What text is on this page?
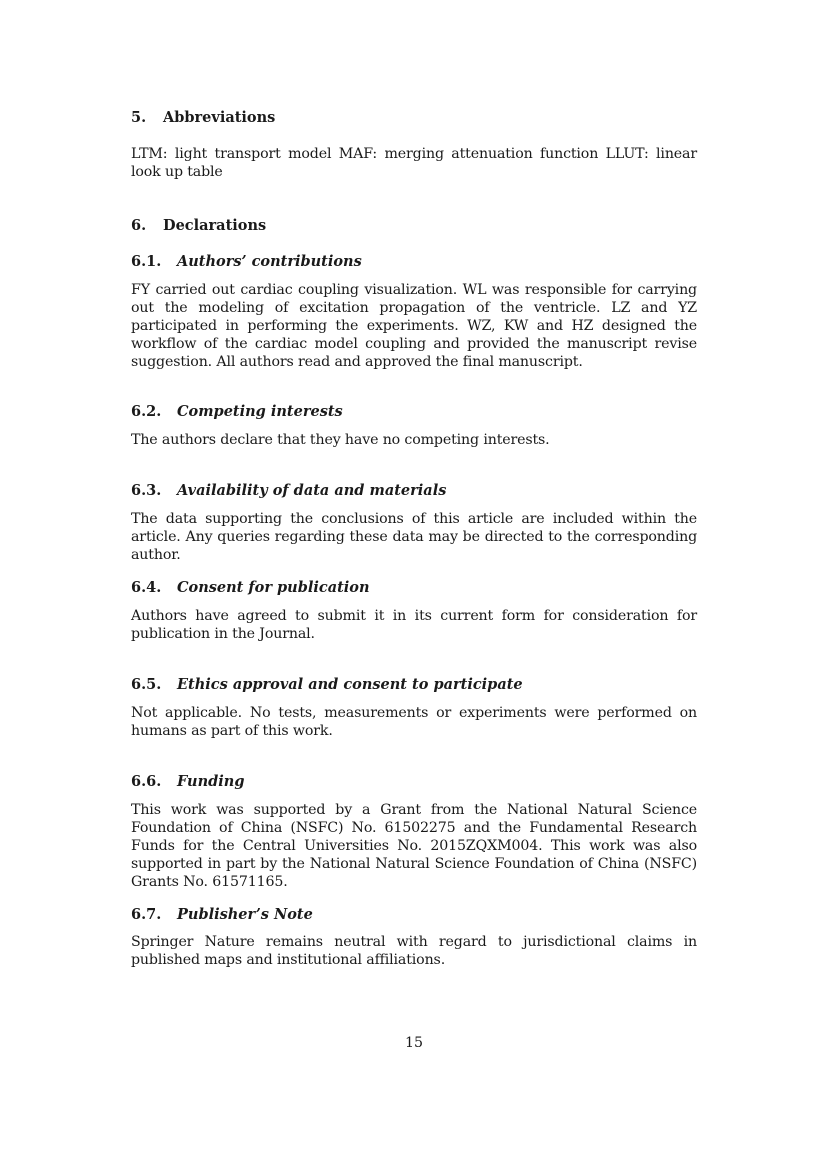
5. Abbreviations
LTM: light transport model MAF: merging attenuation function LLUT: linear look up table
6. Declarations
6.1. Authors’ contributions
FY carried out cardiac coupling visualization. WL was responsible for carrying out the modeling of excitation propagation of the ventricle. LZ and YZ participated in performing the experiments. WZ, KW and HZ designed the workflow of the cardiac model coupling and provided the manuscript revise suggestion. All authors read and approved the final manuscript.
6.2. Competing interests
The authors declare that they have no competing interests.
6.3. Availability of data and materials
The data supporting the conclusions of this article are included within the article. Any queries regarding these data may be directed to the corresponding author.
6.4. Consent for publication
Authors have agreed to submit it in its current form for consideration for publication in the Journal.
6.5. Ethics approval and consent to participate
Not applicable. No tests, measurements or experiments were performed on humans as part of this work.
6.6. Funding
This work was supported by a Grant from the National Natural Science Foundation of China (NSFC) No. 61502275 and the Fundamental Research Funds for the Central Universities No. 2015ZQXM004. This work was also supported in part by the National Natural Science Foundation of China (NSFC) Grants No. 61571165.
6.7. Publisher’s Note
Springer Nature remains neutral with regard to jurisdictional claims in published maps and institutional affiliations.
15
